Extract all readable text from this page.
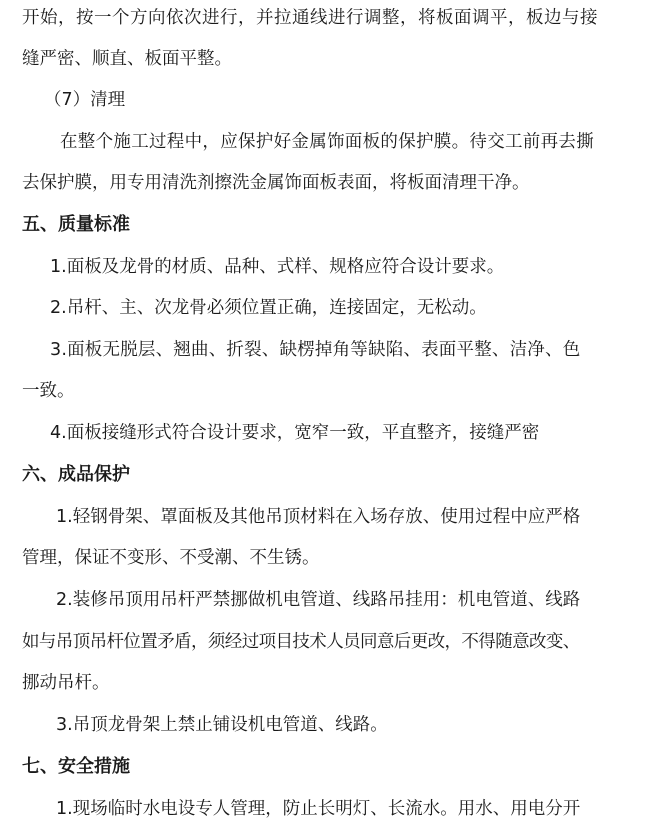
开始，按一个方向依次进行，并拉通线进行调整，将板面调平，板边与接
缝严密、顺直、板面平整。
（7）清理
在整个施工过程中，应保护好金属饰面板的保护膜。待交工前再去撕
去保护膜，用专用清洗剂擦洗金属饰面板表面，将板面清理干净。
五、质量标准
1.面板及龙骨的材质、品种、式样、规格应符合设计要求。
2.吊杆、主、次龙骨必须位置正确，连接固定，无松动。
3.面板无脱层、翘曲、折裂、缺楞掉角等缺陷、表面平整、洁净、色
一致。
4.面板接缝形式符合设计要求，宽窄一致，平直整齐，接缝严密
六、成品保护
1.轻钢骨架、罩面板及其他吊顶材料在入场存放、使用过程中应严格
管理，保证不变形、不受潮、不生锈。
2.装修吊顶用吊杆严禁挪做机电管道、线路吊挂用：机电管道、线路
如与吊顶吊杆位置矛盾，须经过项目技术人员同意后更改，不得随意改变、
挪动吊杆。
3.吊顶龙骨架上禁止铺设机电管道、线路。
七、安全措施
1.现场临时水电设专人管理，防止长明灯、长流水。用水、用电分开
